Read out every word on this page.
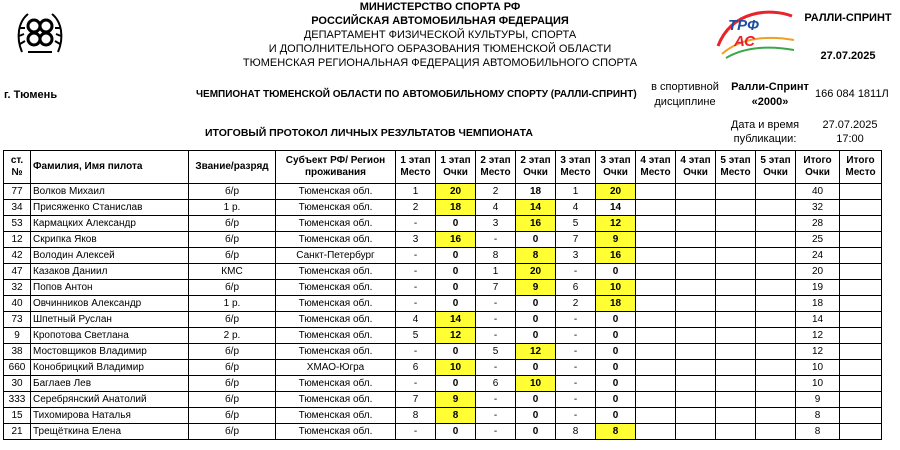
МИНИСТЕРСТВО СПОРТА РФ
РОССИЙСКАЯ АВТОМОБИЛЬНАЯ ФЕДЕРАЦИЯ
ДЕПАРТАМЕНТ ФИЗИЧЕСКОЙ КУЛЬТУРЫ, СПОРТА
И ДОПОЛНИТЕЛЬНОГО ОБРАЗОВАНИЯ ТЮМЕНСКОЙ ОБЛАСТИ
ТЮМЕНСКАЯ РЕГИОНАЛЬНАЯ ФЕДЕРАЦИЯ АВТОМОБИЛЬНОГО СПОРТА
ТРФ
АС
РАЛЛИ-СПРИНТ
27.07.2025
г. Тюмень	ЧЕМПИОНАТ ТЮМЕНСКОЙ ОБЛАСТИ ПО АВТОМОБИЛЬНОМУ СПОРТУ (РАЛЛИ-СПРИНТ)
в спортивной
дисциплине
Ралли-Спринт
«2000»
166 084 1811Л
ИТОГОВЫЙ ПРОТОКОЛ ЛИЧНЫХ РЕЗУЛЬТАТОВ ЧЕМПИОНАТА
Дата и время
публикации:
27.07.2025
17:00
ст.№	Фамилия, Имя пилота	Звание/разряд	Субъект РФ/ Регион проживания	1 этап Место	1 этап Очки	2 этап Место	2 этап Очки	3 этап Место	3 этап Очки	4 этап Место	4 этап Очки	5 этап Место	5 этап Очки	Итого Очки	Итого Место
77	Волков Михаил	б/р	Тюменская обл.	1	20	2	18	1	20					40	
34	Присяженко Станислав	1 р.	Тюменская обл.	2	18	4	14	4	14					32	
53	Кармацких Александр	б/р	Тюменская обл.	-	0	3	16	5	12					28	
12	Скрипка Яков	б/р	Тюменская обл.	3	16	-	0	7	9					25	
42	Володин Алексей	б/р	Санкт-Петербург	-	0	8	8	3	16					24	
47	Казаков Даниил	КМС	Тюменская обл.	-	0	1	20	-	0					20	
32	Попов Антон	б/р	Тюменская обл.	-	0	7	9	6	10					19	
40	Овчинников Александр	1 р.	Тюменская обл.	-	0	-	0	2	18					18	
73	Шпетный Руслан	б/р	Тюменская обл.	4	14	-	0	-	0					14	
9	Кропотова Светлана	2 р.	Тюменская обл.	5	12	-	0	-	0					12	
38	Мостовщиков Владимир	б/р	Тюменская обл.	-	0	5	12	-	0					12	
660	Конобрицкий Владимир	б/р	ХМАО-Югра	6	10	-	0	-	0					10	
30	Баглаев Лев	б/р	Тюменская обл.	-	0	6	10	-	0					10	
333	Серебрянский Анатолий	б/р	Тюменская обл.	7	9	-	0	-	0					9	
15	Тихомирова Наталья	б/р	Тюменская обл.	8	8	-	0	-	0					8	
21	Трещёткина Елена	б/р	Тюменская обл.	-	0	-	0	8	8					8	
